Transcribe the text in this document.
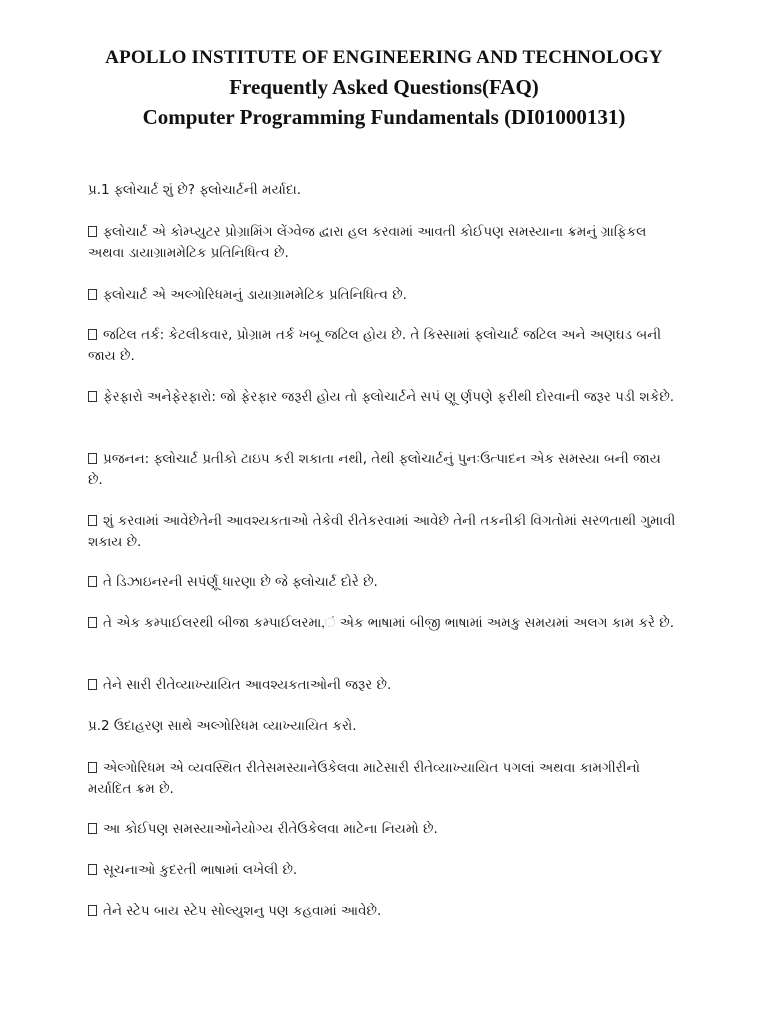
APOLLO INSTITUTE OF ENGINEERING AND TECHNOLOGY
Frequently Asked Questions(FAQ)
Computer Programming Fundamentals (DI01000131)
પ્ર.1 ફ્લોચાર્ટ શું છે? ફ્લોચાર્ટની મર્યાદા.
ફ્લોચાર્ટ એ કોમ્પ્યુટર પ્રોગ્રામિંગ લેંગ્વેજ દ્વારા હલ કરવામાં આવતી કોઈપણ સમસ્યાના ક્રમનું ગ્રાફિકલ અથવા ડાયાગ્રામમેટિક પ્રતિનિધિત્વ છે.
ફ્લોચાર્ટ એ અલ્ગોરિધમનું ડાયાગ્રામમેટિક પ્રતિનિધિત્વ છે.
જટિલ તર્ક: કેટલીકવાર, પ્રોગ્રામ તર્ક ખબૂ જટિલ હોય છે. તે કિસ્સામાં ફ્લોચાર્ટ જટિલ અને અણઘડ બની જાય છે.
ફેરફારો અનેફેરફારો: જો ફેરફાર જરૂરી હોય તો ફ્લોચાર્ટને સપં ણૂ ર્ણપણે ફરીથી દોરવાની જરૂર પડી શકેછે.
પ્રજનન: ફ્લોચાર્ટ પ્રતીકો ટાઇપ કરી શકાતા નથી, તેથી ફ્લોચાર્ટનું પુનઃઉત્પાદન એક સમસ્યા બની જાય છે.
શું કરવામાં આવેછેતેની આવશ્યકતાઓ તેકેવી રીતેકરવામાં આવેછે તેની તકનીકી વિગતોમાં સરળતાથી ગુમાવી શકાય છે.
તે ડિઝાઇનરની સપંર્ણૂ ધારણા છે જે ફ્લોચાર્ટ દોરે છે.
તે એક કમ્પાઈલરથી બીજા કમ્પાઈલરમા,ં એક ભાષામાં બીજી ભાષામાં અમકુ સમયમાં અલગ કામ કરે છે.
તેને સારી રીતેવ્યાખ્યાયિત આવશ્યકતાઓની જરૂર છે.
પ્ર.2 ઉદાહરણ સાથે અલ્ગોરિધમ વ્યાખ્યાયિત કરો.
એલ્ગોરિધમ એ વ્યવસ્થિત રીતેસમસ્યાનેઉકેલવા માટેસારી રીતેવ્યાખ્યાયિત પગલાં અથવા કામગીરીનો મર્યાદિત ક્રમ છે.
આ કોઈપણ સમસ્યાઓનેયોગ્ય રીતેઉકેલવા માટેના નિયમો છે.
સૂચનાઓ કુદરતી ભાષામાં લખેલી છે.
તેને સ્ટેપ બાય સ્ટેપ સોલ્યુશનુ પણ કહવામાં આવેછે.
